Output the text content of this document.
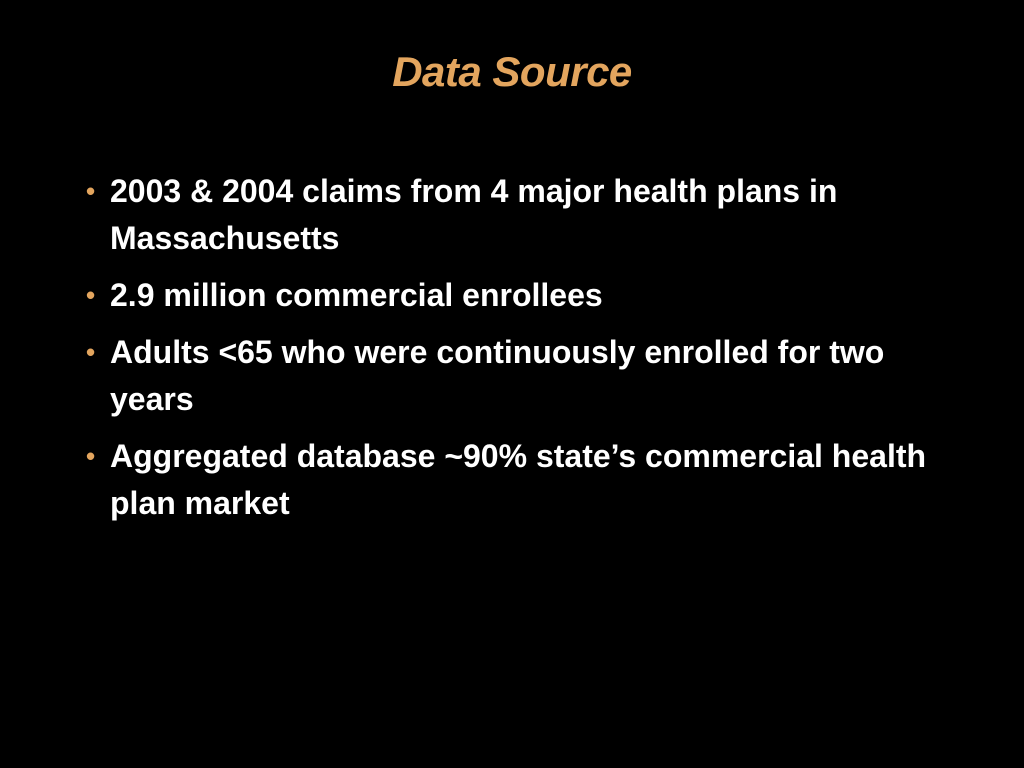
Data Source
• 2003 & 2004 claims from 4 major health plans in Massachusetts
• 2.9 million commercial enrollees
• Adults <65 who were continuously enrolled for two years
• Aggregated database ~90% state’s commercial health plan market
